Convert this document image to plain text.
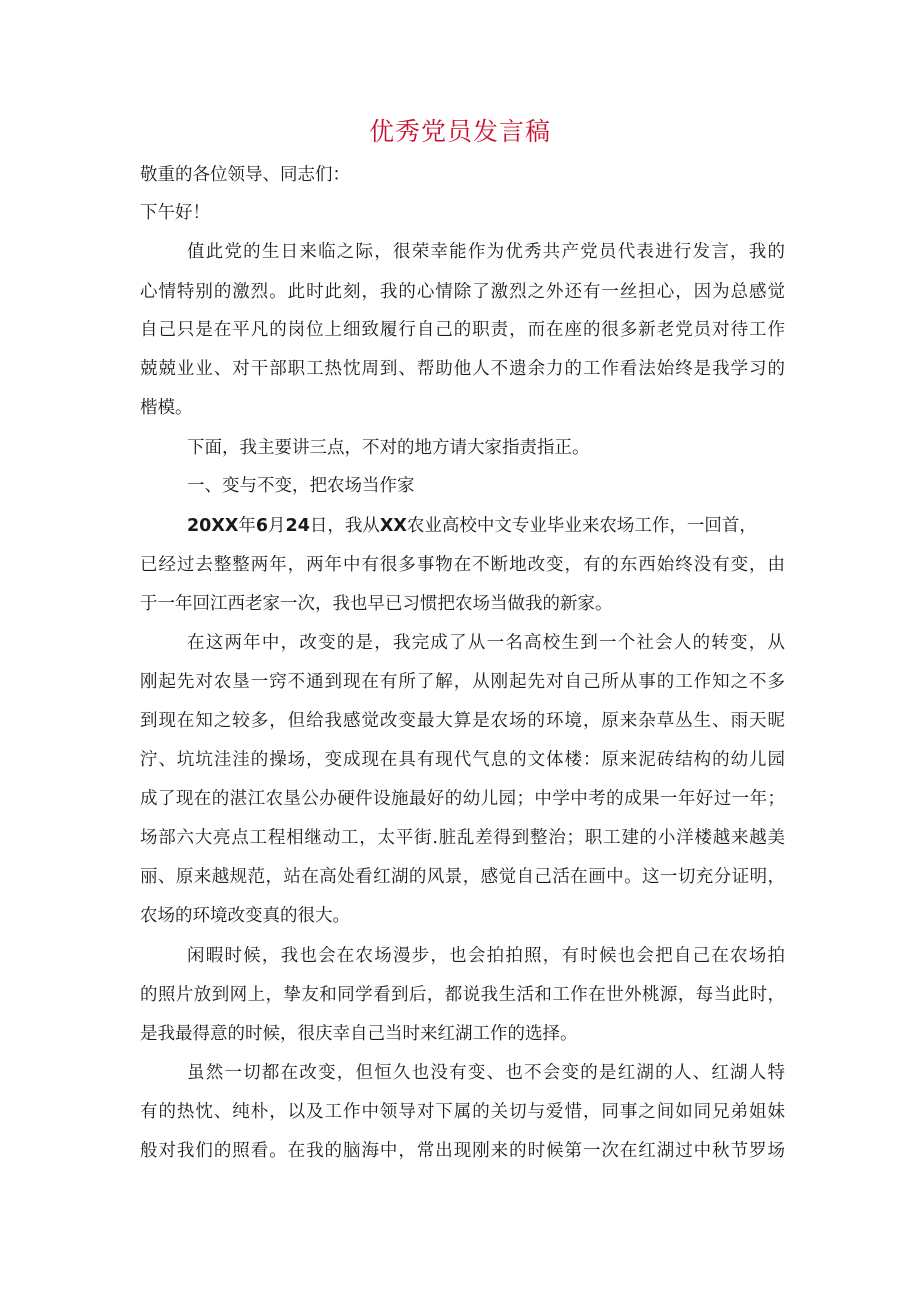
优秀党员发言稿
敬重的各位领导、同志们：
下午好！
值此党的生日来临之际，很荣幸能作为优秀共产党员代表进行发言，我的
心情特别的激烈。此时此刻，我的心情除了激烈之外还有一丝担心，因为总感觉
自己只是在平凡的岗位上细致履行自己的职责，而在座的很多新老党员对待工作
兢兢业业、对干部职工热忱周到、帮助他人不遗余力的工作看法始终是我学习的
楷模。
下面，我主要讲三点，不对的地方请大家指责指正。
一、变与不变，把农场当作家
20XX年6月24日，我从XX农业高校中文专业毕业来农场工作，一回首，
已经过去整整两年，两年中有很多事物在不断地改变，有的东西始终没有变，由
于一年回江西老家一次，我也早已习惯把农场当做我的新家。
在这两年中，改变的是，我完成了从一名高校生到一个社会人的转变，从
刚起先对农垦一窍不通到现在有所了解，从刚起先对自己所从事的工作知之不多
到现在知之较多，但给我感觉改变最大算是农场的环境，原来杂草丛生、雨天昵
泞、坑坑洼洼的操场，变成现在具有现代气息的文体楼：原来泥砖结构的幼儿园
成了现在的湛江农垦公办硬件设施最好的幼儿园；中学中考的成果一年好过一年；
场部六大亮点工程相继动工，太平街.脏乱差得到整治；职工建的小洋楼越来越美
丽、原来越规范，站在高处看红湖的风景，感觉自己活在画中。这一切充分证明，
农场的环境改变真的很大。
闲暇时候，我也会在农场漫步，也会拍拍照，有时候也会把自己在农场拍
的照片放到网上，挚友和同学看到后，都说我生活和工作在世外桃源，每当此时，
是我最得意的时候，很庆幸自己当时来红湖工作的选择。
虽然一切都在改变，但恒久也没有变、也不会变的是红湖的人、红湖人特
有的热忱、纯朴，以及工作中领导对下属的关切与爱惜，同事之间如同兄弟姐妹
般对我们的照看。在我的脑海中，常出现刚来的时候第一次在红湖过中秋节罗场
